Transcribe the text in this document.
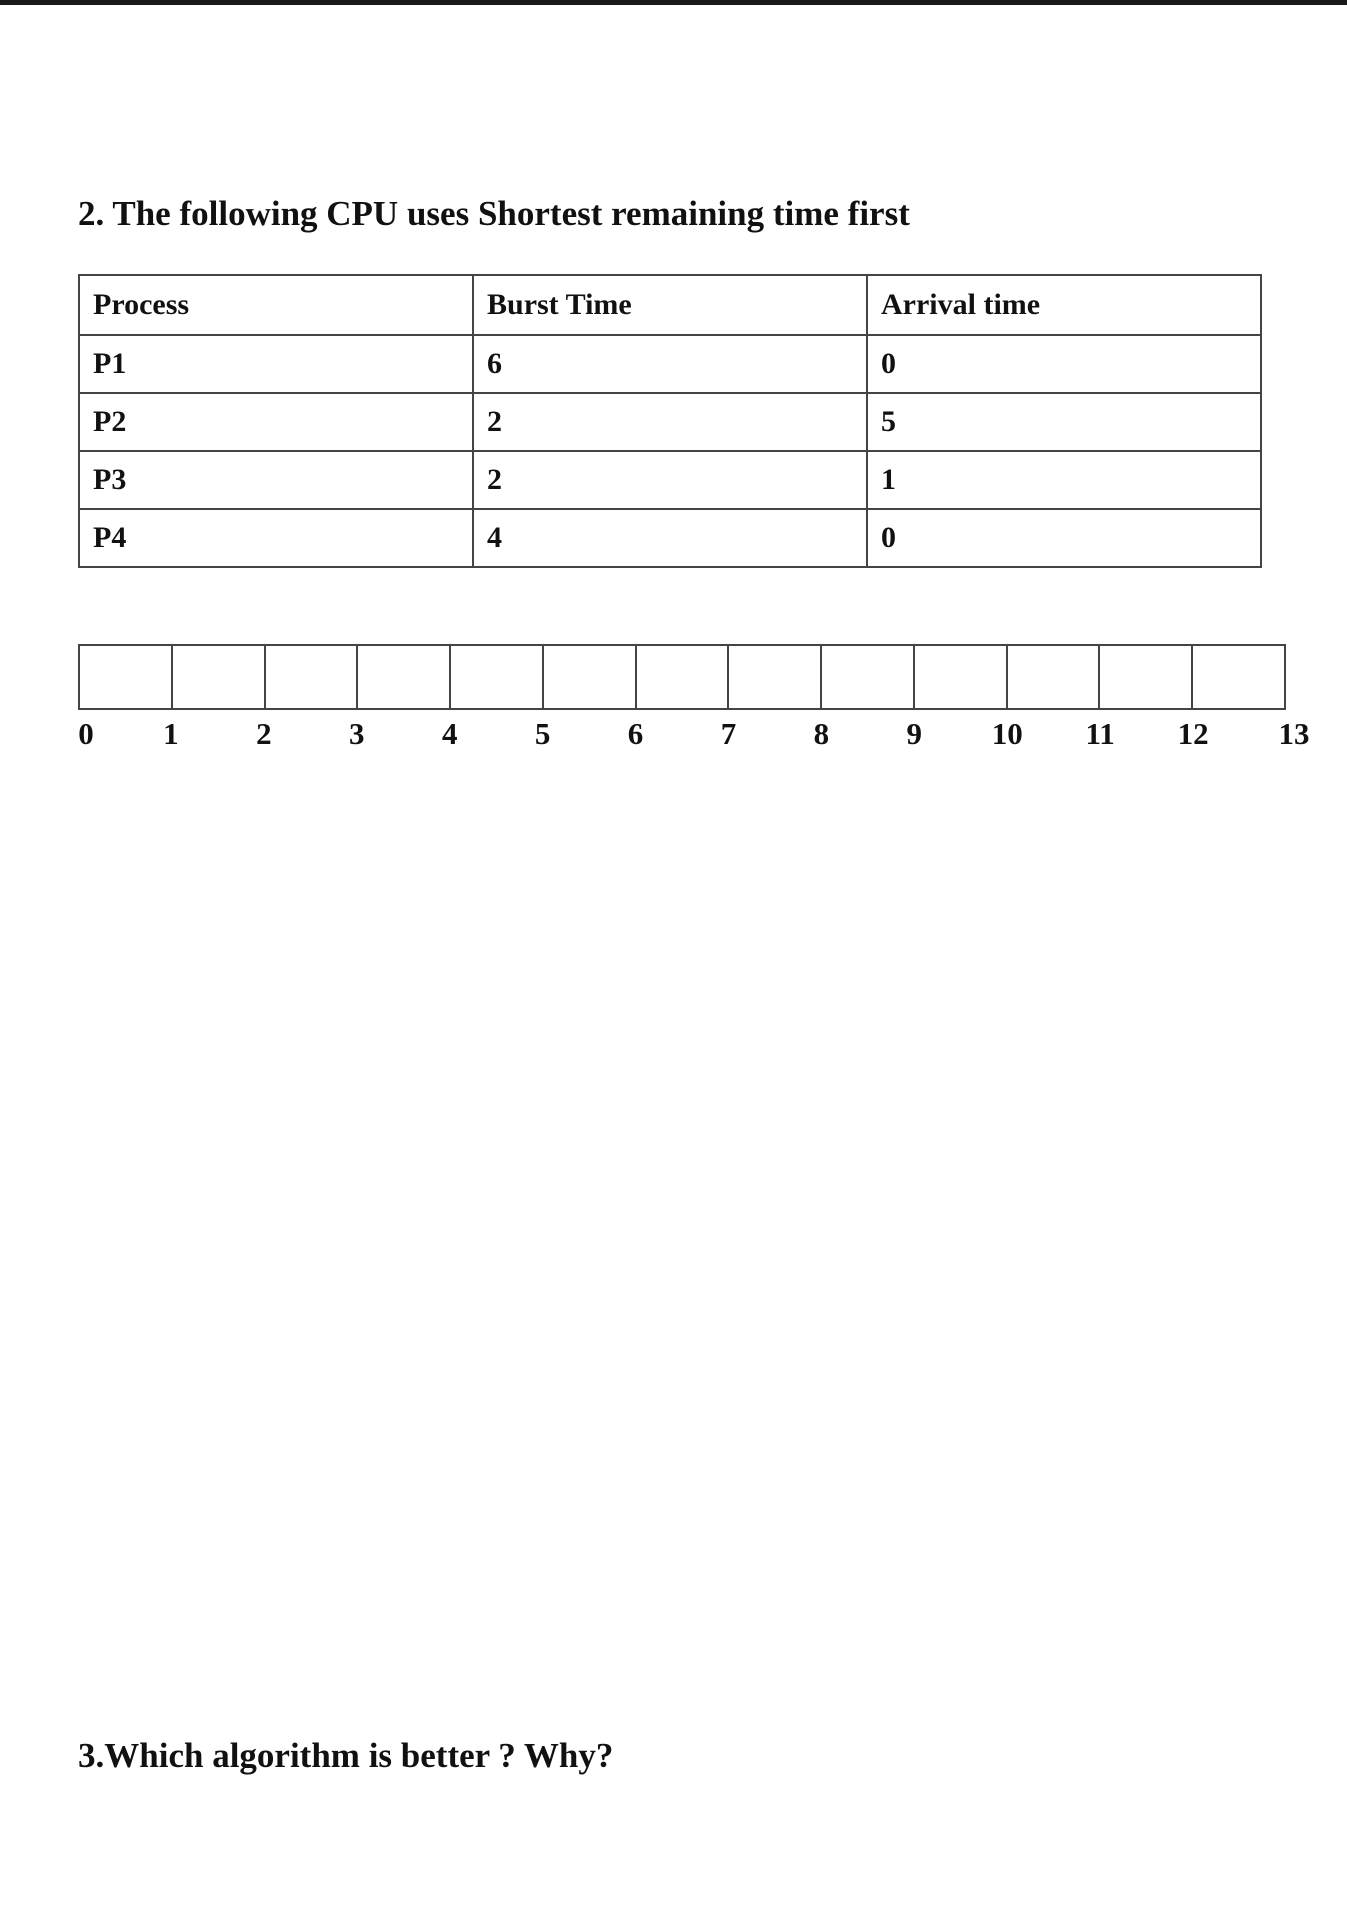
2. The following CPU uses Shortest remaining time first
Process	Burst Time	Arrival time
P1	6	0
P2	2	5
P3	2	1
P4	4	0
0	1	2	3	4	5	6	7	8	9	10	11	12	13
3.Which algorithm is better ? Why?
